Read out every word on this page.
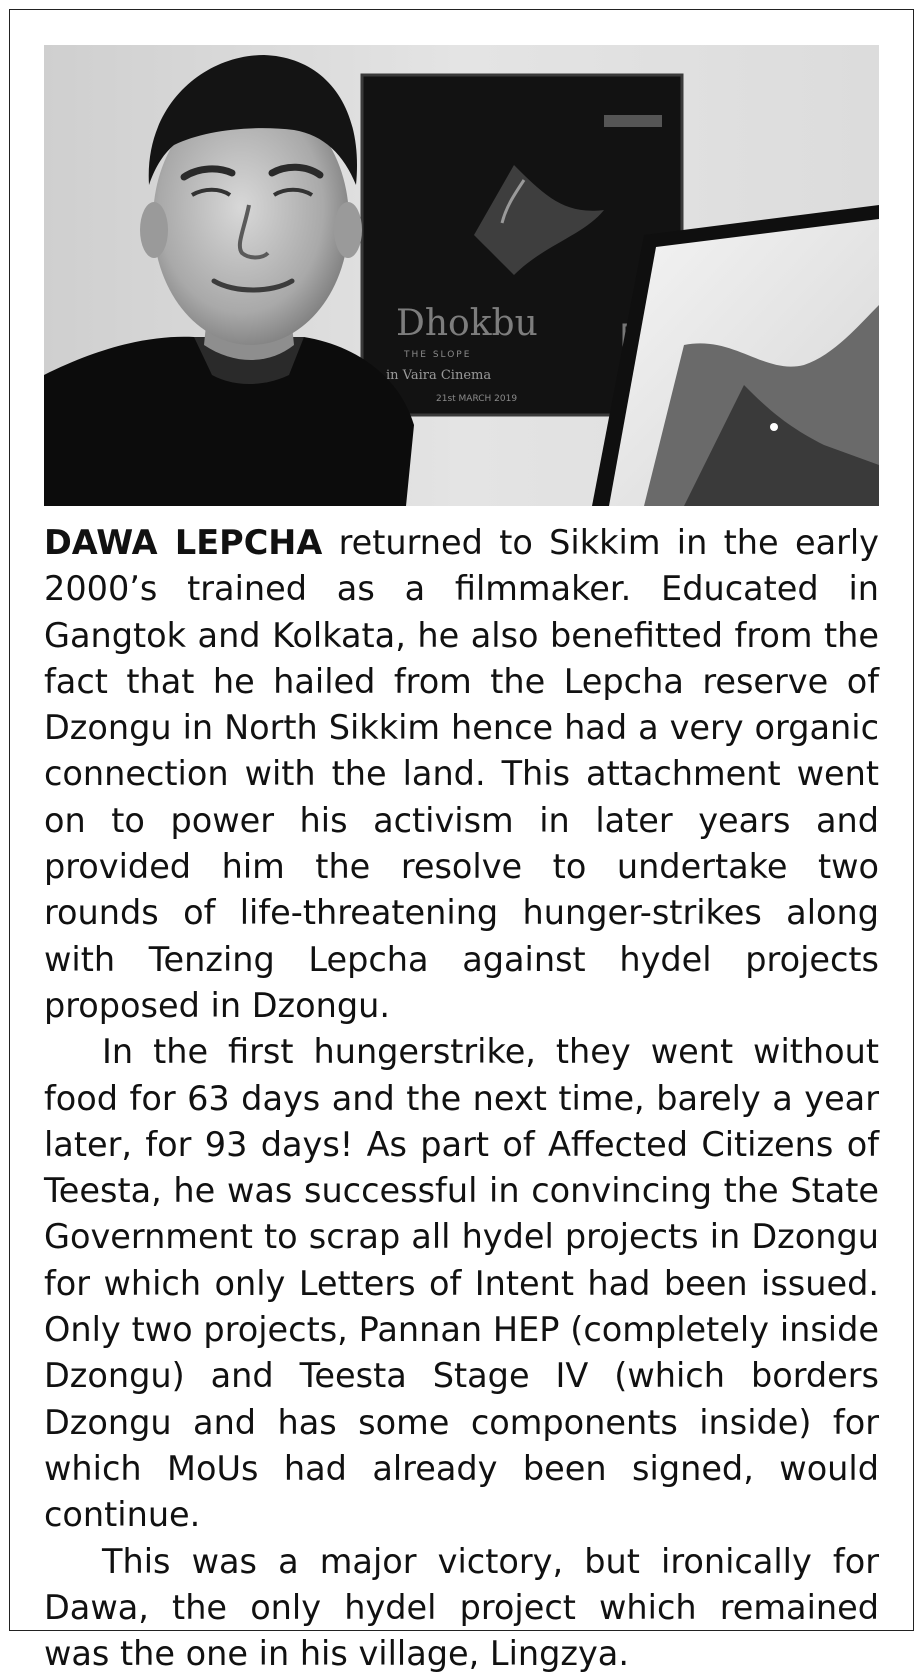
Dhokbu
THE SLOPE
in Vaira Cinema
21st MARCH 2019

DAWA LEPCHA returned to Sikkim in the early 2000’s trained as a filmmaker. Educated in Gangtok and Kolkata, he also benefitted from the fact that he hailed from the Lepcha reserve of Dzongu in North Sikkim hence had a very organic connection with the land. This attachment went on to power his activism in later years and provided him the resolve to undertake two rounds of life-threatening hunger-strikes along with Tenzing Lepcha against hydel projects proposed in Dzongu.

In the first hungerstrike, they went without food for 63 days and the next time, barely a year later, for 93 days! As part of Affected Citizens of Teesta, he was successful in convincing the State Government to scrap all hydel projects in Dzongu for which only Letters of Intent had been issued. Only two projects, Pannan HEP (completely inside Dzongu) and Teesta Stage IV (which borders Dzongu and has some components inside) for which MoUs had already been signed, would continue.

This was a major victory, but ironically for Dawa, the only hydel project which remained was the one in his village, Lingzya.
